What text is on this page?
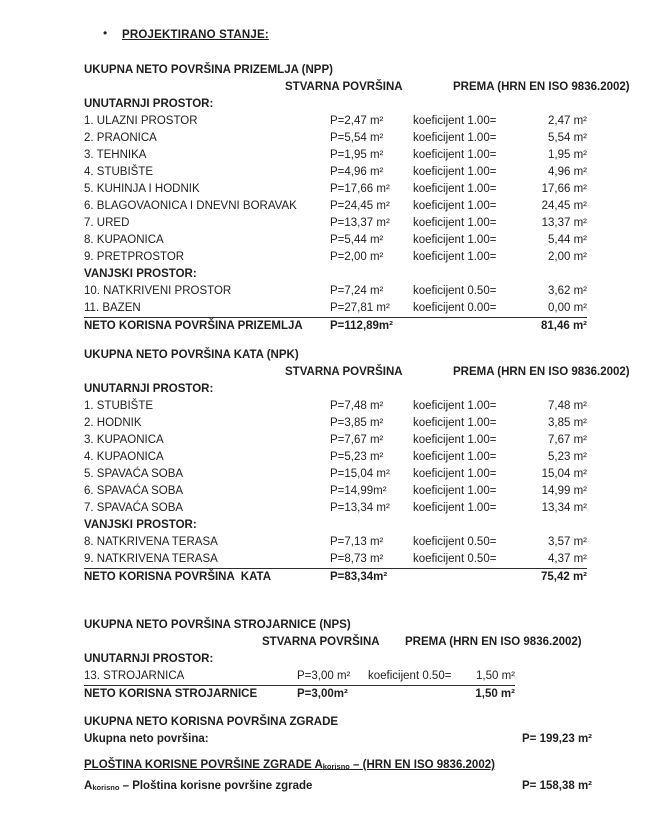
• PROJEKTIRANO STANJE:
UKUPNA NETO POVRŠINA PRIZEMLJA (NPP)
STVARNA POVRŠINA	PREMA (HRN EN ISO 9836.2002)
UNUTARNJI PROSTOR:
1. ULAZNI PROSTOR	P=2,47 m²	koeficijent 1.00=	2,47 m²
2. PRAONICA	P=5,54 m²	koeficijent 1.00=	5,54 m²
3. TEHNIKA	P=1,95 m²	koeficijent 1.00=	1,95 m²
4. STUBIŠTE	P=4,96 m²	koeficijent 1.00=	4,96 m²
5. KUHINJA I HODNIK	P=17,66 m²	koeficijent 1.00=	17,66 m²
6. BLAGOVAONICA I DNEVNI BORAVAK	P=24,45 m²	koeficijent 1.00=	24,45 m²
7. URED	P=13,37 m²	koeficijent 1.00=	13,37 m²
8. KUPAONICA	P=5,44 m²	koeficijent 1.00=	5,44 m²
9. PRETPROSTOR	P=2,00 m²	koeficijent 1.00=	2,00 m²
VANJSKI PROSTOR:
10. NATKRIVENI PROSTOR	P=7,24 m²	koeficijent 0.50=	3,62 m²
11. BAZEN	P=27,81 m²	koeficijent 0.00=	0,00 m²
NETO KORISNA POVRŠINA PRIZEMLJA	P=112,89m²	81,46 m²
UKUPNA NETO POVRŠINA KATA (NPK)
STVARNA POVRŠINA	PREMA (HRN EN ISO 9836.2002)
UNUTARNJI PROSTOR:
1. STUBIŠTE	P=7,48 m²	koeficijent 1.00=	7,48 m²
2. HODNIK	P=3,85 m²	koeficijent 1.00=	3,85 m²
3. KUPAONICA	P=7,67 m²	koeficijent 1.00=	7,67 m²
4. KUPAONICA	P=5,23 m²	koeficijent 1.00=	5,23 m²
5. SPAVAĆA SOBA	P=15,04 m²	koeficijent 1.00=	15,04 m²
6. SPAVAĆA SOBA	P=14,99m²	koeficijent 1.00=	14,99 m²
7. SPAVAĆA SOBA	P=13,34 m²	koeficijent 1.00=	13,34 m²
VANJSKI PROSTOR:
8. NATKRIVENA TERASA	P=7,13 m²	koeficijent 0.50=	3,57 m²
9. NATKRIVENA TERASA	P=8,73 m²	koeficijent 0.50=	4,37 m²
NETO KORISNA POVRŠINA  KATA	P=83,34m²	75,42 m²
UKUPNA NETO POVRŠINA STROJARNICE (NPS)
STVARNA POVRŠINA PREMA (HRN EN ISO 9836.2002)
UNUTARNJI PROSTOR:
13. STROJARNICA	P=3,00 m²	koeficijent 0.50=	1,50 m²
NETO KORISNA STROJARNICE	P=3,00m²	1,50 m²
UKUPNA NETO KORISNA POVRŠINA ZGRADE
Ukupna neto površina:	P= 199,23 m²
PLOŠTINA KORISNE POVRŠINE ZGRADE Akorisno – (HRN EN ISO 9836.2002)
Akorisno – Ploština korisne površine zgrade	P= 158,38 m²
